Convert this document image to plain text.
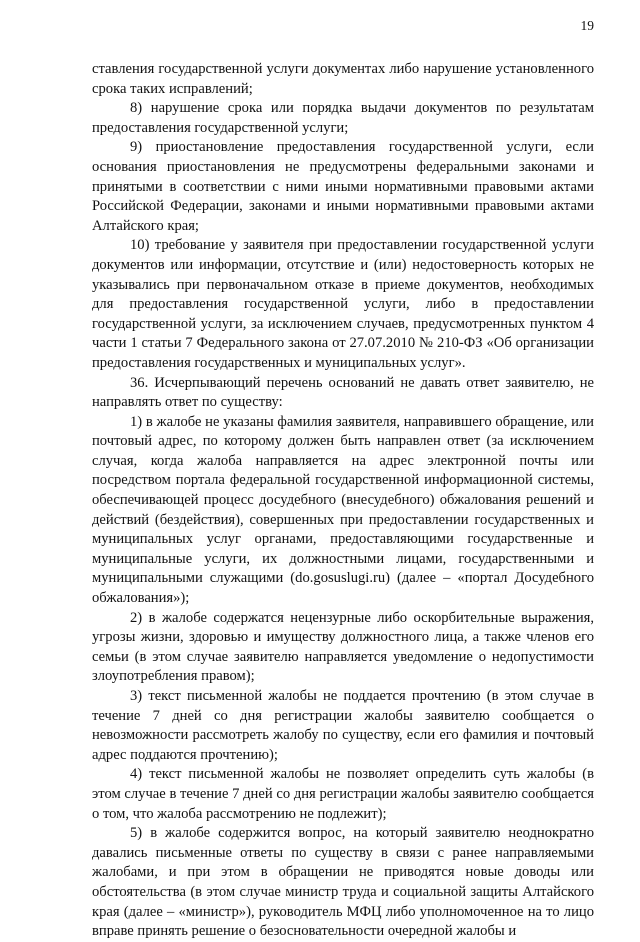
19

ставления государственной услуги документах либо нарушение установленного срока таких исправлений;

8) нарушение срока или порядка выдачи документов по результатам предоставления государственной услуги;

9) приостановление предоставления государственной услуги, если основания приостановления не предусмотрены федеральными законами и принятыми в соответствии с ними иными нормативными правовыми актами Российской Федерации, законами и иными нормативными правовыми актами Алтайского края;

10) требование у заявителя при предоставлении государственной услуги документов или информации, отсутствие и (или) недостоверность которых не указывались при первоначальном отказе в приеме документов, необходимых для предоставления государственной услуги, либо в предоставлении государственной услуги, за исключением случаев, предусмотренных пунктом 4 части 1 статьи 7 Федерального закона от 27.07.2010 № 210-ФЗ «Об организации предоставления государственных и муниципальных услуг».

36. Исчерпывающий перечень оснований не давать ответ заявителю, не направлять ответ по существу:

1) в жалобе не указаны фамилия заявителя, направившего обращение, или почтовый адрес, по которому должен быть направлен ответ (за исключением случая, когда жалоба направляется на адрес электронной почты или посредством портала федеральной государственной информационной системы, обеспечивающей процесс досудебного (внесудебного) обжалования решений и действий (бездействия), совершенных при предоставлении государственных и муниципальных услуг органами, предоставляющими государственные и муниципальные услуги, их должностными лицами, государственными и муниципальными служащими (do.gosuslugi.ru) (далее – «портал Досудебного обжалования»);

2) в жалобе содержатся нецензурные либо оскорбительные выражения, угрозы жизни, здоровью и имуществу должностного лица, а также членов его семьи (в этом случае заявителю направляется уведомление о недопустимости злоупотребления правом);

3) текст письменной жалобы не поддается прочтению (в этом случае в течение 7 дней со дня регистрации жалобы заявителю сообщается о невозможности рассмотреть жалобу по существу, если его фамилия и почтовый адрес поддаются прочтению);

4) текст письменной жалобы не позволяет определить суть жалобы (в этом случае в течение 7 дней со дня регистрации жалобы заявителю сообщается о том, что жалоба рассмотрению не подлежит);

5) в жалобе содержится вопрос, на который заявителю неоднократно давались письменные ответы по существу в связи с ранее направляемыми жалобами, и при этом в обращении не приводятся новые доводы или обстоятельства (в этом случае министр труда и социальной защиты Алтайского края (далее – «министр»), руководитель МФЦ либо уполномоченное на то лицо вправе принять решение о безосновательности очередной жалобы и
